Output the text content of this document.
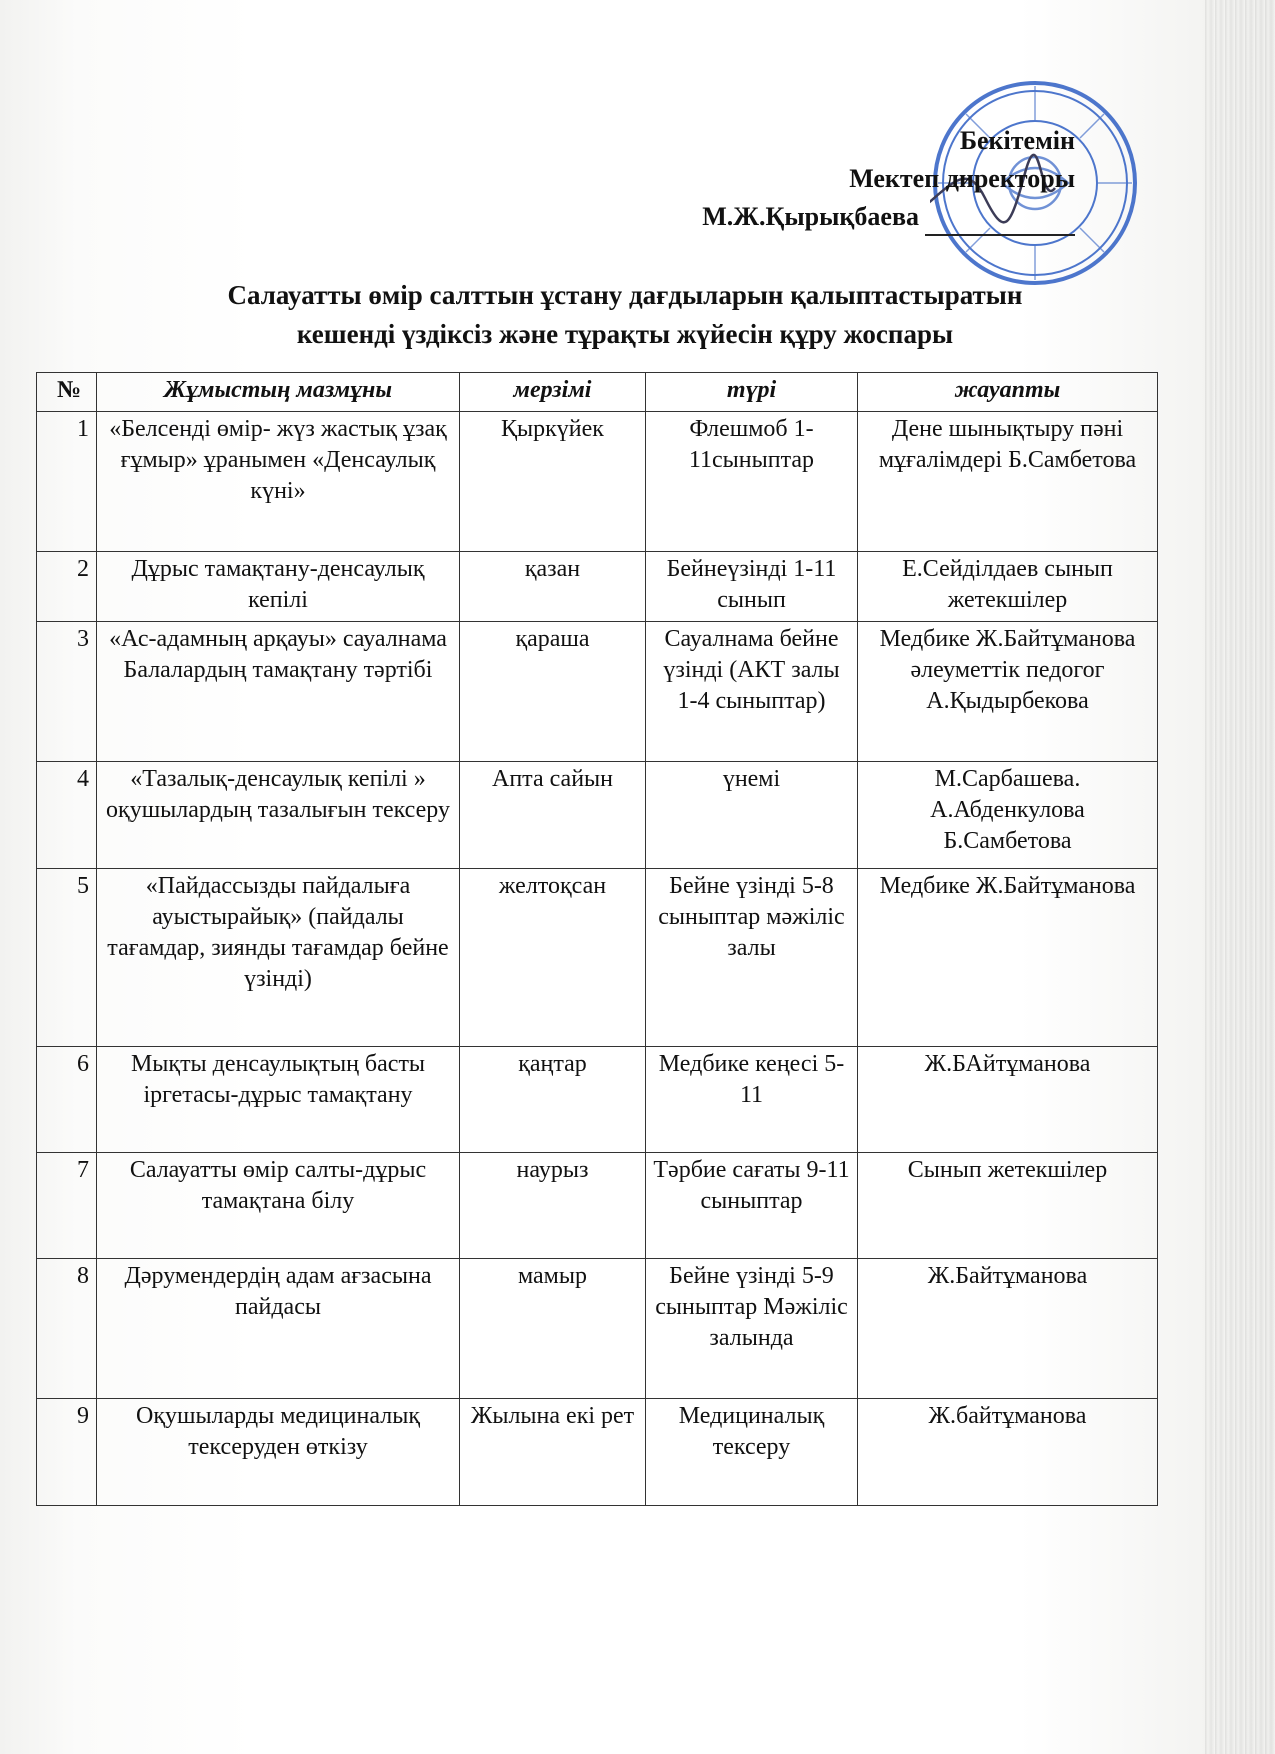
Бекітемін
Мектеп директоры
М.Ж.Қырықбаева
Салауатты өмір салттын ұстану дағдыларын қалыптастыратын
кешенді үздіксіз және тұрақты жүйесін құру жоспары
№	Жұмыстың мазмұны	мерзімі	түрі	жауапты
1	«Белсенді өмір- жүз жастық ұзақ ғұмыр» ұранымен «Денсаулық күні»	Қыркүйек	Флешмоб 1-11сыныптар	Дене шынықтыру пәні мұғалімдері Б.Самбетова
2	Дұрыс тамақтану-денсаулық кепілі	қазан	Бейнеүзінді 1-11 сынып	Е.Сейділдаев сынып жетекшілер
3	«Ас-адамның арқауы» сауалнама Балалардың тамақтану тәртібі	қараша	Сауалнама бейне үзінді (АКТ залы 1-4 сыныптар)	Медбике Ж.Байтұманова әлеуметтік педогог А.Қыдырбекова
4	«Тазалық-денсаулық кепілі » оқушылардың тазалығын тексеру	Апта сайын	үнемі	М.Сарбашева. А.Абденкулова Б.Самбетова
5	«Пайдассызды пайдалыға ауыстырайық» (пайдалы тағамдар, зиянды тағамдар бейне үзінді)	желтоқсан	Бейне үзінді 5-8 сыныптар мәжіліс залы	Медбике Ж.Байтұманова
6	Мықты денсаулықтың басты іргетасы-дұрыс тамақтану	қаңтар	Медбике кеңесі 5-11	Ж.БАйтұманова
7	Салауатты өмір салты-дұрыс тамақтана білу	наурыз	Тәрбие сағаты 9-11 сыныптар	Сынып жетекшілер
8	Дәрумендердің адам ағзасына пайдасы	мамыр	Бейне үзінді 5-9 сыныптар Мәжіліс залында	Ж.Байтұманова
9	Оқушыларды медициналық тексеруден өткізу	Жылына екі рет	Медициналық тексеру	Ж.байтұманова
